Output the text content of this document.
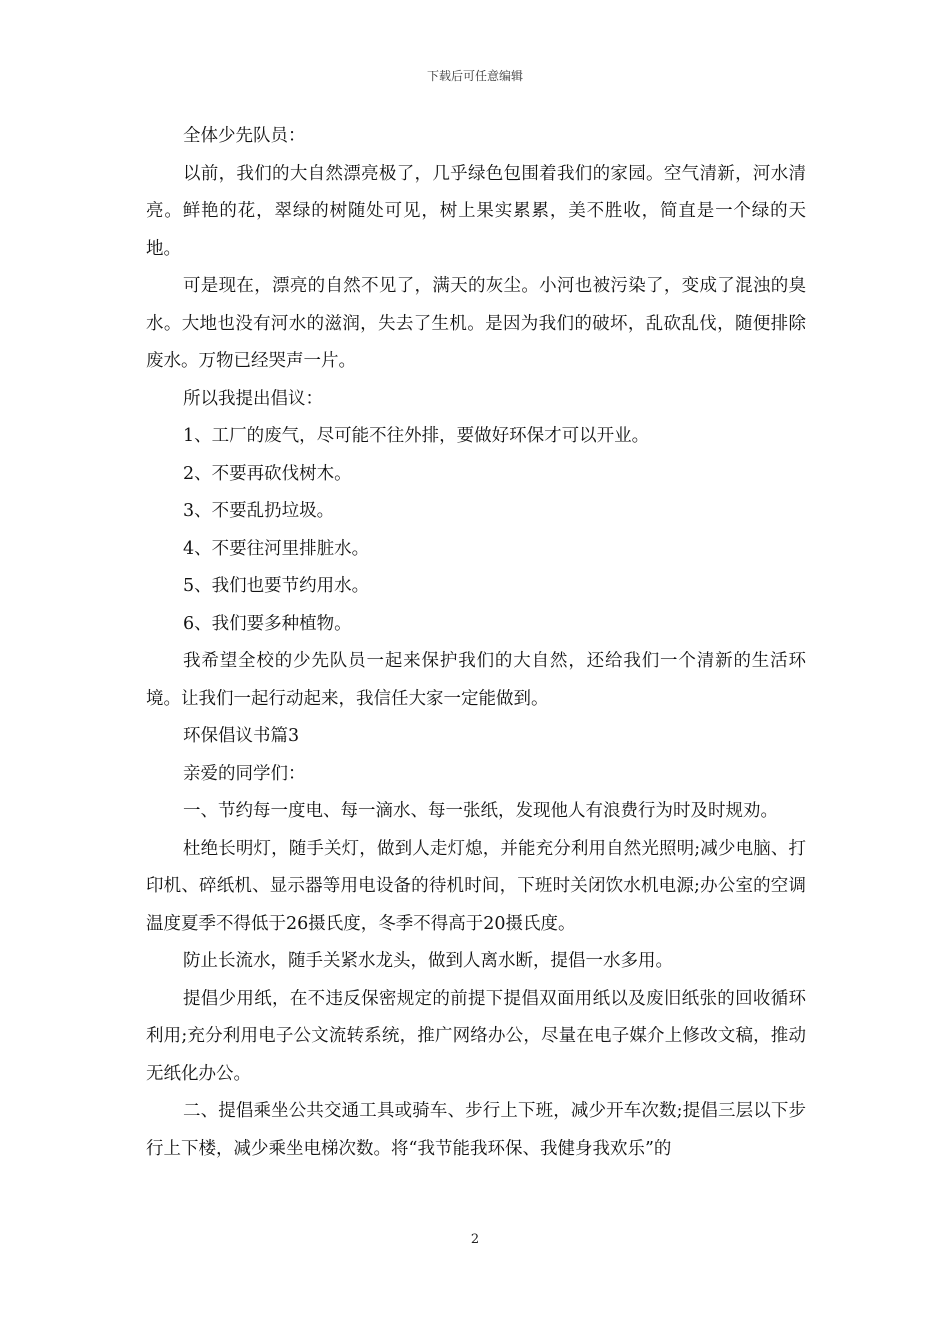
下载后可任意编辑

全体少先队员：

以前，我们的大自然漂亮极了，几乎绿色包围着我们的家园。空气清新，河水清亮。鲜艳的花，翠绿的树随处可见，树上果实累累，美不胜收，简直是一个绿的天地。

可是现在，漂亮的自然不见了，满天的灰尘。小河也被污染了，变成了混浊的臭水。大地也没有河水的滋润，失去了生机。是因为我们的破坏，乱砍乱伐，随便排除废水。万物已经哭声一片。

所以我提出倡议：

1、工厂的废气，尽可能不往外排，要做好环保才可以开业。

2、不要再砍伐树木。

3、不要乱扔垃圾。

4、不要往河里排脏水。

5、我们也要节约用水。

6、我们要多种植物。

我希望全校的少先队员一起来保护我们的大自然，还给我们一个清新的生活环境。让我们一起行动起来，我信任大家一定能做到。

环保倡议书篇3

亲爱的同学们：

一、节约每一度电、每一滴水、每一张纸，发现他人有浪费行为时及时规劝。

杜绝长明灯，随手关灯，做到人走灯熄，并能充分利用自然光照明;减少电脑、打印机、碎纸机、显示器等用电设备的待机时间，下班时关闭饮水机电源;办公室的空调温度夏季不得低于26摄氏度，冬季不得高于20摄氏度。

防止长流水，随手关紧水龙头，做到人离水断，提倡一水多用。

提倡少用纸，在不违反保密规定的前提下提倡双面用纸以及废旧纸张的回收循环利用;充分利用电子公文流转系统，推广网络办公，尽量在电子媒介上修改文稿，推动无纸化办公。

二、提倡乘坐公共交通工具或骑车、步行上下班，减少开车次数;提倡三层以下步行上下楼，减少乘坐电梯次数。将“我节能我环保、我健身我欢乐”的

2
